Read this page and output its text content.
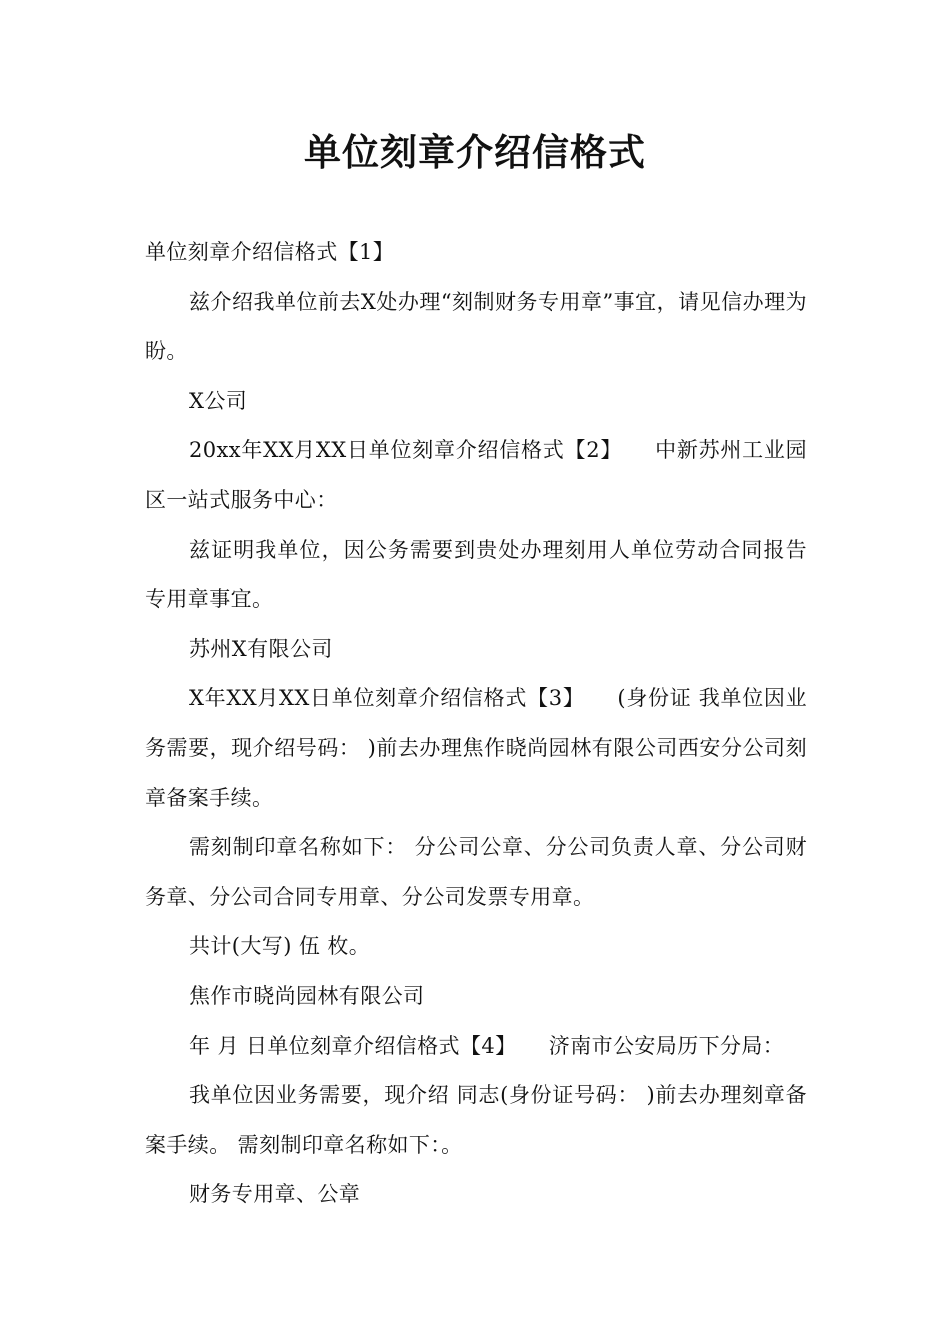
单位刻章介绍信格式

单位刻章介绍信格式【1】

兹介绍我单位前去X处办理“刻制财务专用章”事宜，请见信办理为盼。

X公司

20xx年XX月XX日单位刻章介绍信格式【2】　　中新苏州工业园区一站式服务中心：

兹证明我单位，因公务需要到贵处办理刻用人单位劳动合同报告专用章事宜。

苏州X有限公司

X年XX月XX日单位刻章介绍信格式【3】　　(身份证 我单位因业务需要，现介绍号码： )前去办理焦作晓尚园林有限公司西安分公司刻章备案手续。

需刻制印章名称如下： 分公司公章、分公司负责人章、分公司财务章、分公司合同专用章、分公司发票专用章。

共计(大写) 伍 枚。

焦作市晓尚园林有限公司

年 月 日单位刻章介绍信格式【4】　　济南市公安局历下分局：

我单位因业务需要，现介绍 同志(身份证号码： )前去办理刻章备案手续。 需刻制印章名称如下：。

财务专用章、公章
